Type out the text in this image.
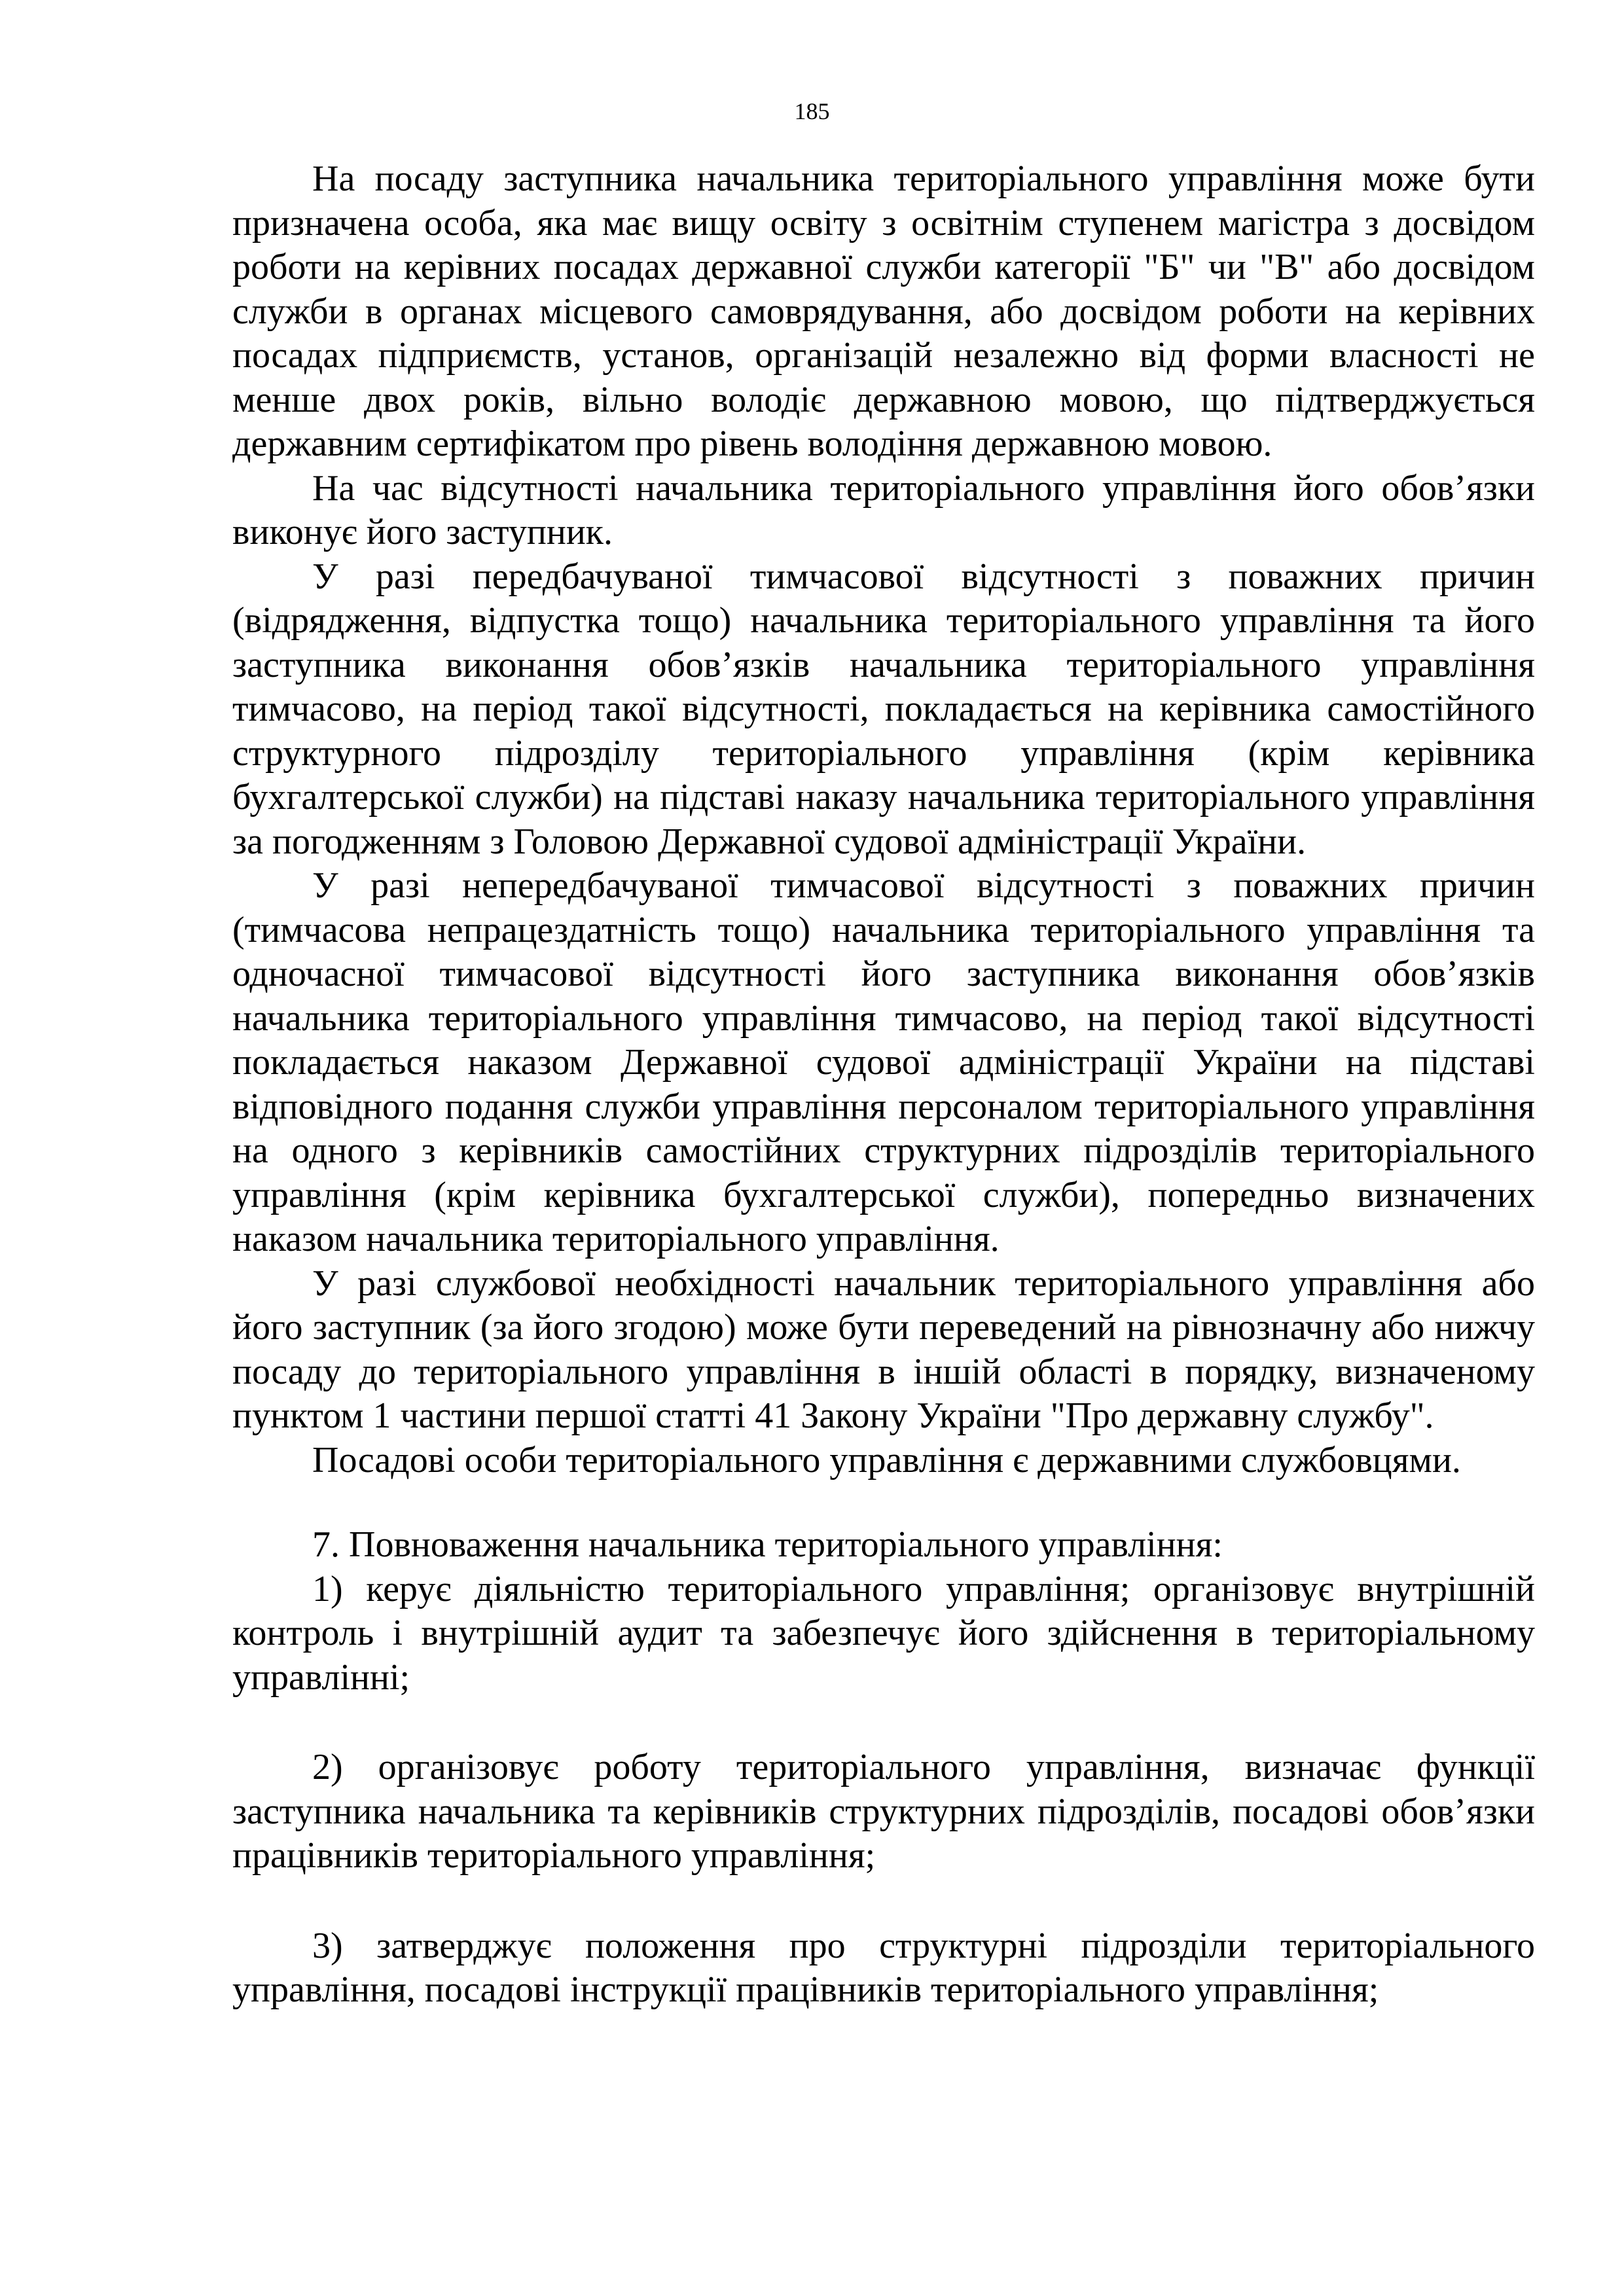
185

На посаду заступника начальника територіального управління може бути призначена особа, яка має вищу освіту з освітнім ступенем магістра з досвідом роботи на керівних посадах державної служби категорії "Б" чи "В" або досвідом служби в органах місцевого самоврядування, або досвідом роботи на керівних посадах підприємств, установ, організацій незалежно від форми власності не менше двох років, вільно володіє державною мовою, що підтверджується державним сертифікатом про рівень володіння державною мовою.

На час відсутності начальника територіального управління його обов’язки виконує його заступник.

У разі передбачуваної тимчасової відсутності з поважних причин (відрядження, відпустка тощо) начальника територіального управління та його заступника виконання обов’язків начальника територіального управління тимчасово, на період такої відсутності, покладається на керівника самостійного структурного підрозділу територіального управління (крім керівника бухгалтерської служби) на підставі наказу начальника територіального управління за погодженням з Головою Державної судової адміністрації України.

У разі непередбачуваної тимчасової відсутності з поважних причин (тимчасова непрацездатність тощо) начальника територіального управління та одночасної тимчасової відсутності його заступника виконання обов’язків начальника територіального управління тимчасово, на період такої відсутності покладається наказом Державної судової адміністрації України на підставі відповідного подання служби управління персоналом територіального управління на одного з керівників самостійних структурних підрозділів територіального управління (крім керівника бухгалтерської служби), попередньо визначених наказом начальника територіального управління.

У разі службової необхідності начальник територіального управління або його заступник (за його згодою) може бути переведений на рівнозначну або нижчу посаду до територіального управління в іншій області в порядку, визначеному пунктом 1 частини першої статті 41 Закону України "Про державну службу".

Посадові особи територіального управління є державними службовцями.

7. Повноваження начальника територіального управління:

1) керує діяльністю територіального управління; організовує внутрішній контроль і внутрішній аудит та забезпечує його здійснення в територіальному управлінні;

2) організовує роботу територіального управління, визначає функції заступника начальника та керівників структурних підрозділів, посадові обов’язки працівників територіального управління;

3) затверджує положення про структурні підрозділи територіального управління, посадові інструкції працівників територіального управління;
